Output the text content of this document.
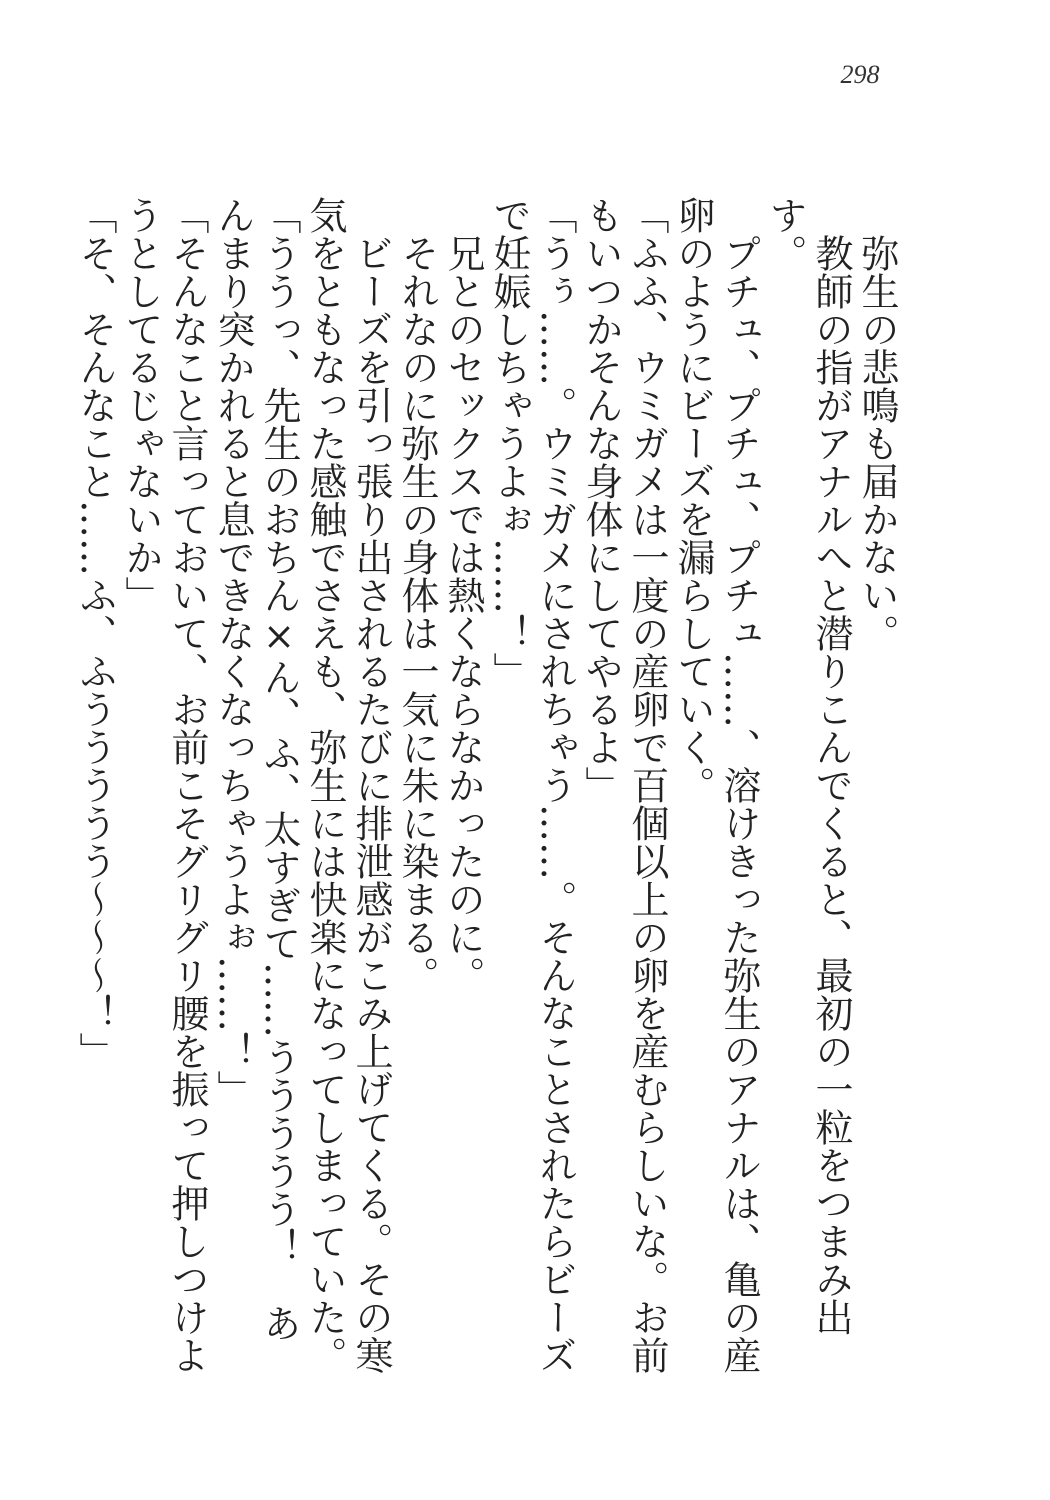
298

弥生の悲鳴も届かない。

教師の指がアナルへと潜りこんでくると、最初の一粒をつまみ出す。

プチュ、プチュ、プチュ……、溶けきった弥生のアナルは、亀の産卵のようにビーズを漏らしていく。

「ふふ、ウミガメは一度の産卵で百個以上の卵を産むらしいな。お前もいつかそんな身体にしてやるよ」

「うぅ……。ウミガメにされちゃう……。そんなことされたらビーズで妊娠しちゃうよぉ……！」

兄とのセックスでは熱くならなかったのに。

それなのに弥生の身体は一気に朱に染まる。

ビーズを引っ張り出されるたびに排泄感がこみ上げてくる。その寒気をともなった感触でさえも、弥生には快楽になってしまっていた。

「ううっ、先生のおちん×ん、ふ、太すぎて……ううううう！　あんまり突かれると息できなくなっちゃうよぉ……！」

「そんなこと言っておいて、お前こそグリグリ腰を振って押しつけようとしてるじゃないか」

「そ、そんなこと……ふ、ふううううう〜〜〜！」
